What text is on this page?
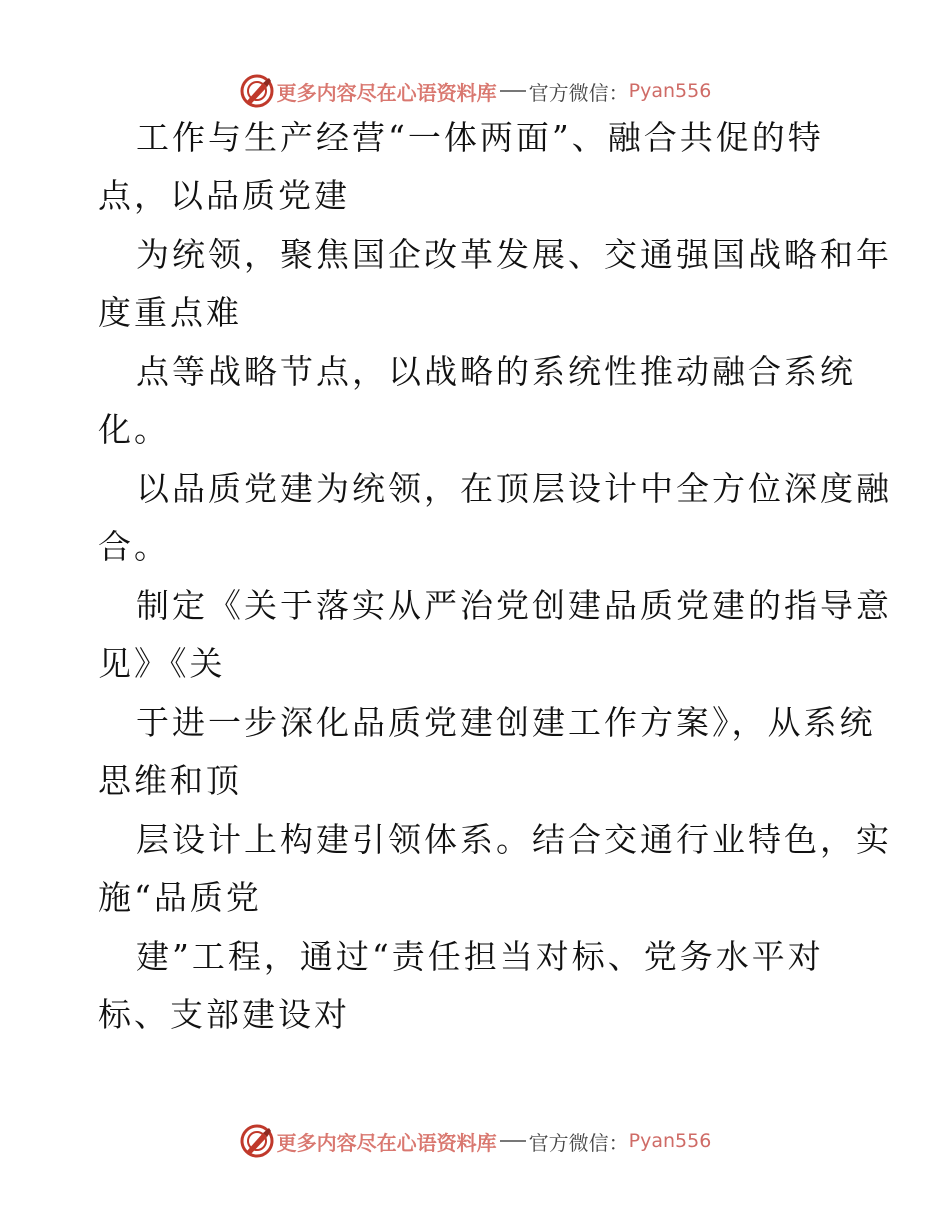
更多内容尽在心语资料库 官方微信： Pyan556
工作与生产经营“一体两面”、融合共促的特
点，以品质党建
为统领，聚焦国企改革发展、交通强国战略和年
度重点难
点等战略节点，以战略的系统性推动融合系统
化。
以品质党建为统领，在顶层设计中全方位深度融
合。
制定《关于落实从严治党创建品质党建的指导意
见》《关
于进一步深化品质党建创建工作方案》，从系统
思维和顶
层设计上构建引领体系。结合交通行业特色，实
施“品质党
建”工程，通过“责任担当对标、党务水平对
标、支部建设对
更多内容尽在心语资料库 官方微信： Pyan556
